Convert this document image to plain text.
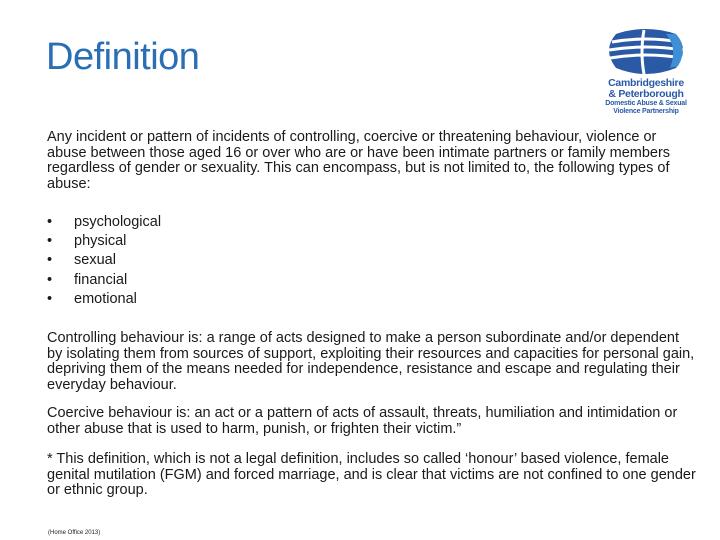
Definition
Cambridgeshire
& Peterborough
Domestic Abuse & Sexual
Violence Partnership
Any incident or pattern of incidents of controlling, coercive or threatening behaviour, violence or abuse between those aged 16 or over who are or have been intimate partners or family members regardless of gender or sexuality. This can encompass, but is not limited to, the following types of abuse:
• psychological
• physical
• sexual
• financial
• emotional
Controlling behaviour is: a range of acts designed to make a person subordinate and/or dependent by isolating them from sources of support, exploiting their resources and capacities for personal gain, depriving them of the means needed for independence, resistance and escape and regulating their everyday behaviour.
Coercive behaviour is: an act or a pattern of acts of assault, threats, humiliation and intimidation or other abuse that is used to harm, punish, or frighten their victim.”
* This definition, which is not a legal definition, includes so called ‘honour’ based violence, female genital mutilation (FGM) and forced marriage, and is clear that victims are not confined to one gender or ethnic group.
(Home Office 2013)
